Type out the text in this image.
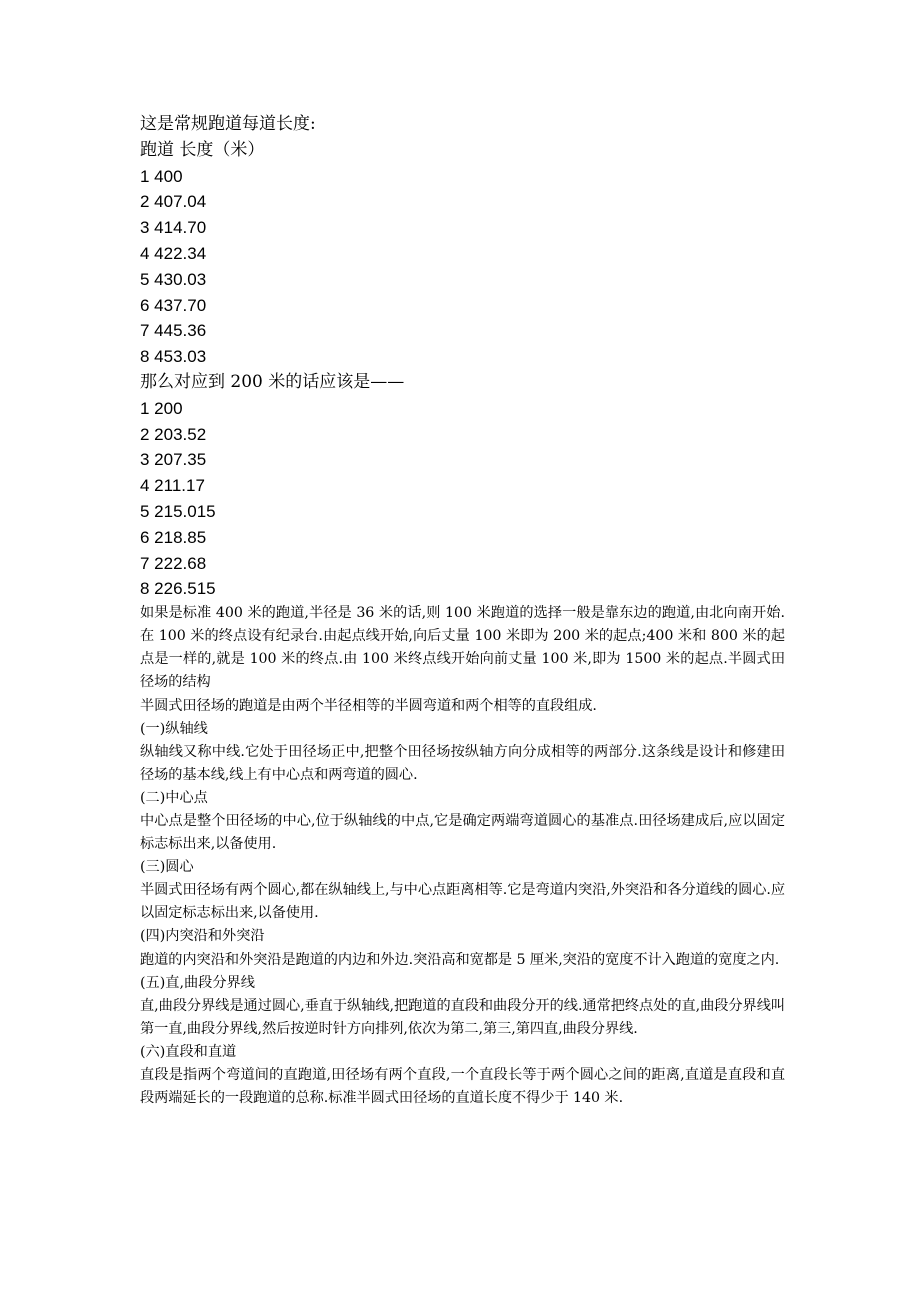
这是常规跑道每道长度:
跑道 长度（米）
1 400
2 407.04
3 414.70
4 422.34
5 430.03
6 437.70
7 445.36
8 453.03
那么对应到 200 米的话应该是——
1 200
2 203.52
3 207.35
4 211.17
5 215.015
6 218.85
7 222.68
8 226.515
如果是标准 400 米的跑道,半径是 36 米的话,则 100 米跑道的选择一般是靠东边的跑道,由北向南开始.在 100 米的终点设有纪录台.由起点线开始,向后丈量 100 米即为 200 米的起点;400 米和 800 米的起点是一样的,就是 100 米的终点.由 100 米终点线开始向前丈量 100 米,即为 1500 米的起点.半圆式田径场的结构
半圆式田径场的跑道是由两个半径相等的半圆弯道和两个相等的直段组成.
(一)纵轴线
纵轴线又称中线.它处于田径场正中,把整个田径场按纵轴方向分成相等的两部分.这条线是设计和修建田径场的基本线,线上有中心点和两弯道的圆心.
(二)中心点
中心点是整个田径场的中心,位于纵轴线的中点,它是确定两端弯道圆心的基准点.田径场建成后,应以固定标志标出来,以备使用.
(三)圆心
半圆式田径场有两个圆心,都在纵轴线上,与中心点距离相等.它是弯道内突沿,外突沿和各分道线的圆心.应以固定标志标出来,以备使用.
(四)内突沿和外突沿
跑道的内突沿和外突沿是跑道的内边和外边.突沿高和宽都是 5 厘米,突沿的宽度不计入跑道的宽度之内.
(五)直,曲段分界线
直,曲段分界线是通过圆心,垂直于纵轴线,把跑道的直段和曲段分开的线.通常把终点处的直,曲段分界线叫第一直,曲段分界线,然后按逆时针方向排列,依次为第二,第三,第四直,曲段分界线.
(六)直段和直道
直段是指两个弯道间的直跑道,田径场有两个直段,一个直段长等于两个圆心之间的距离,直道是直段和直段两端延长的一段跑道的总称.标准半圆式田径场的直道长度不得少于 140 米.
